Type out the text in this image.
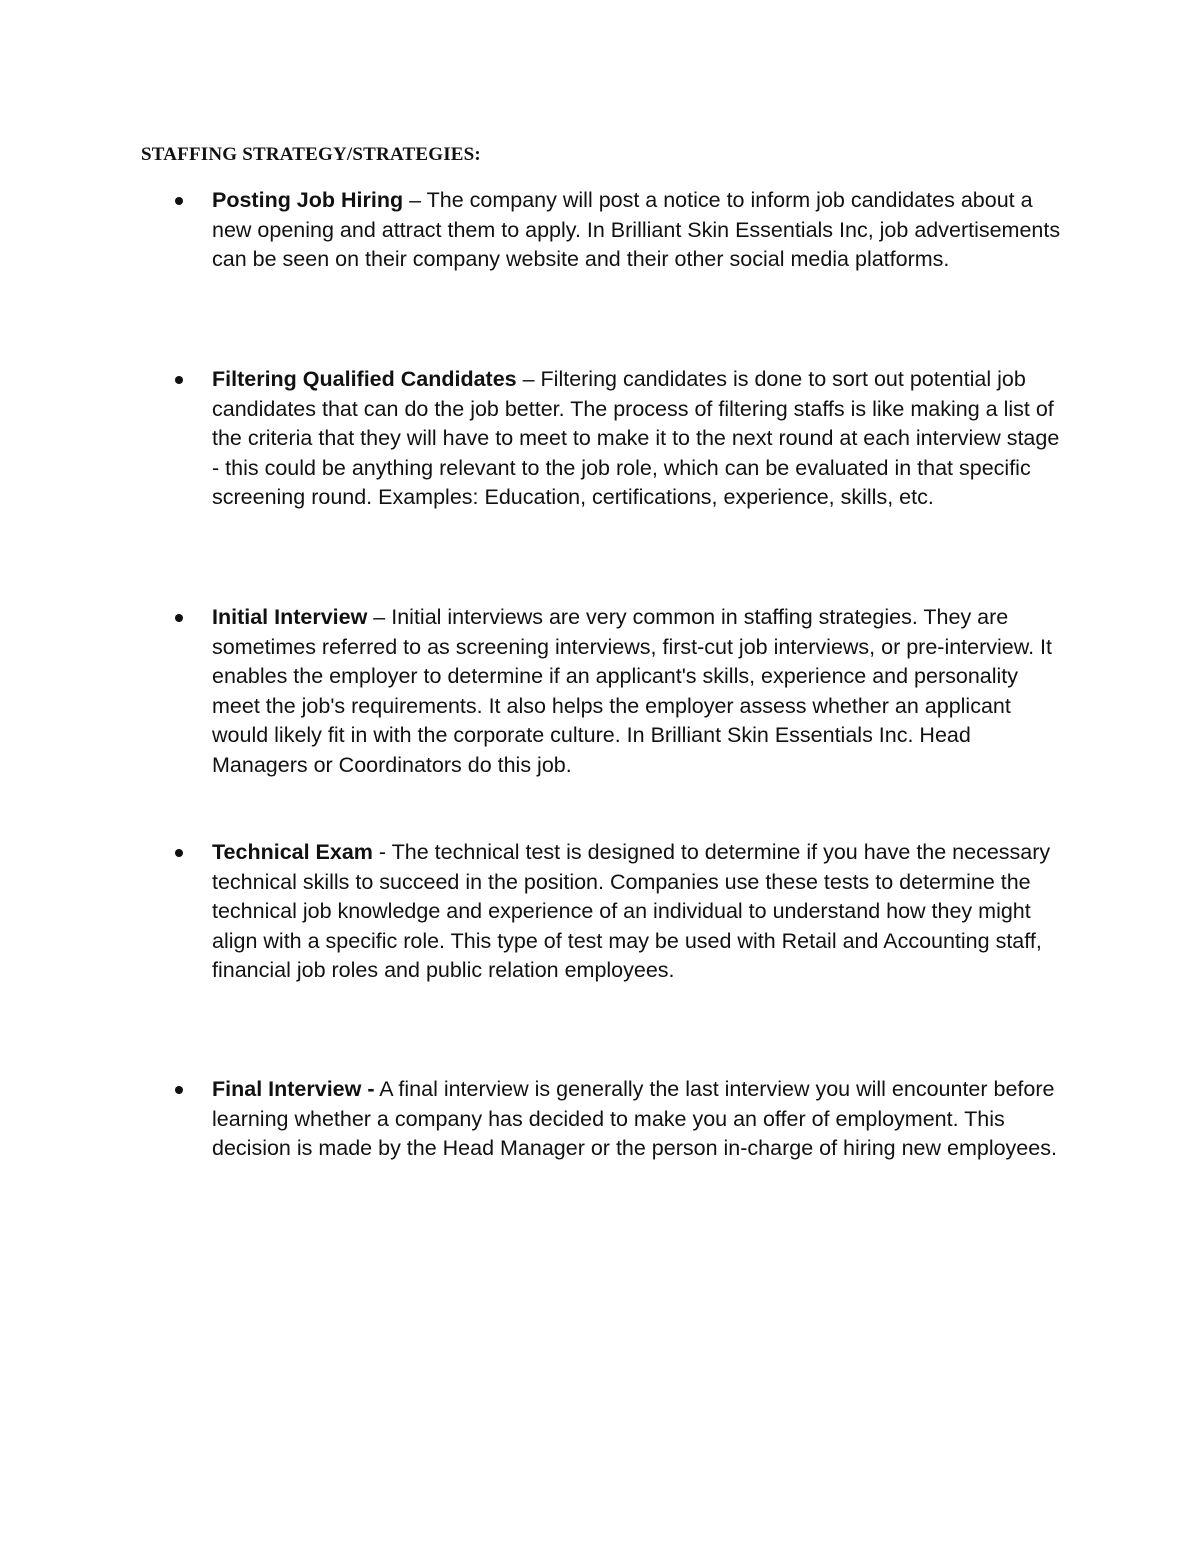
STAFFING STRATEGY/STRATEGIES:

Posting Job Hiring – The company will post a notice to inform job candidates about a new opening and attract them to apply. In Brilliant Skin Essentials Inc, job advertisements can be seen on their company website and their other social media platforms.

Filtering Qualified Candidates – Filtering candidates is done to sort out potential job candidates that can do the job better. The process of filtering staffs is like making a list of the criteria that they will have to meet to make it to the next round at each interview stage - this could be anything relevant to the job role, which can be evaluated in that specific screening round. Examples: Education, certifications, experience, skills, etc.

Initial Interview – Initial interviews are very common in staffing strategies. They are sometimes referred to as screening interviews, first-cut job interviews, or pre-interview. It enables the employer to determine if an applicant's skills, experience and personality meet the job's requirements. It also helps the employer assess whether an applicant would likely fit in with the corporate culture. In Brilliant Skin Essentials Inc. Head Managers or Coordinators do this job.

Technical Exam - The technical test is designed to determine if you have the necessary technical skills to succeed in the position. Companies use these tests to determine the technical job knowledge and experience of an individual to understand how they might align with a specific role. This type of test may be used with Retail and Accounting staff, financial job roles and public relation employees.

Final Interview - A final interview is generally the last interview you will encounter before learning whether a company has decided to make you an offer of employment. This decision is made by the Head Manager or the person in-charge of hiring new employees.
